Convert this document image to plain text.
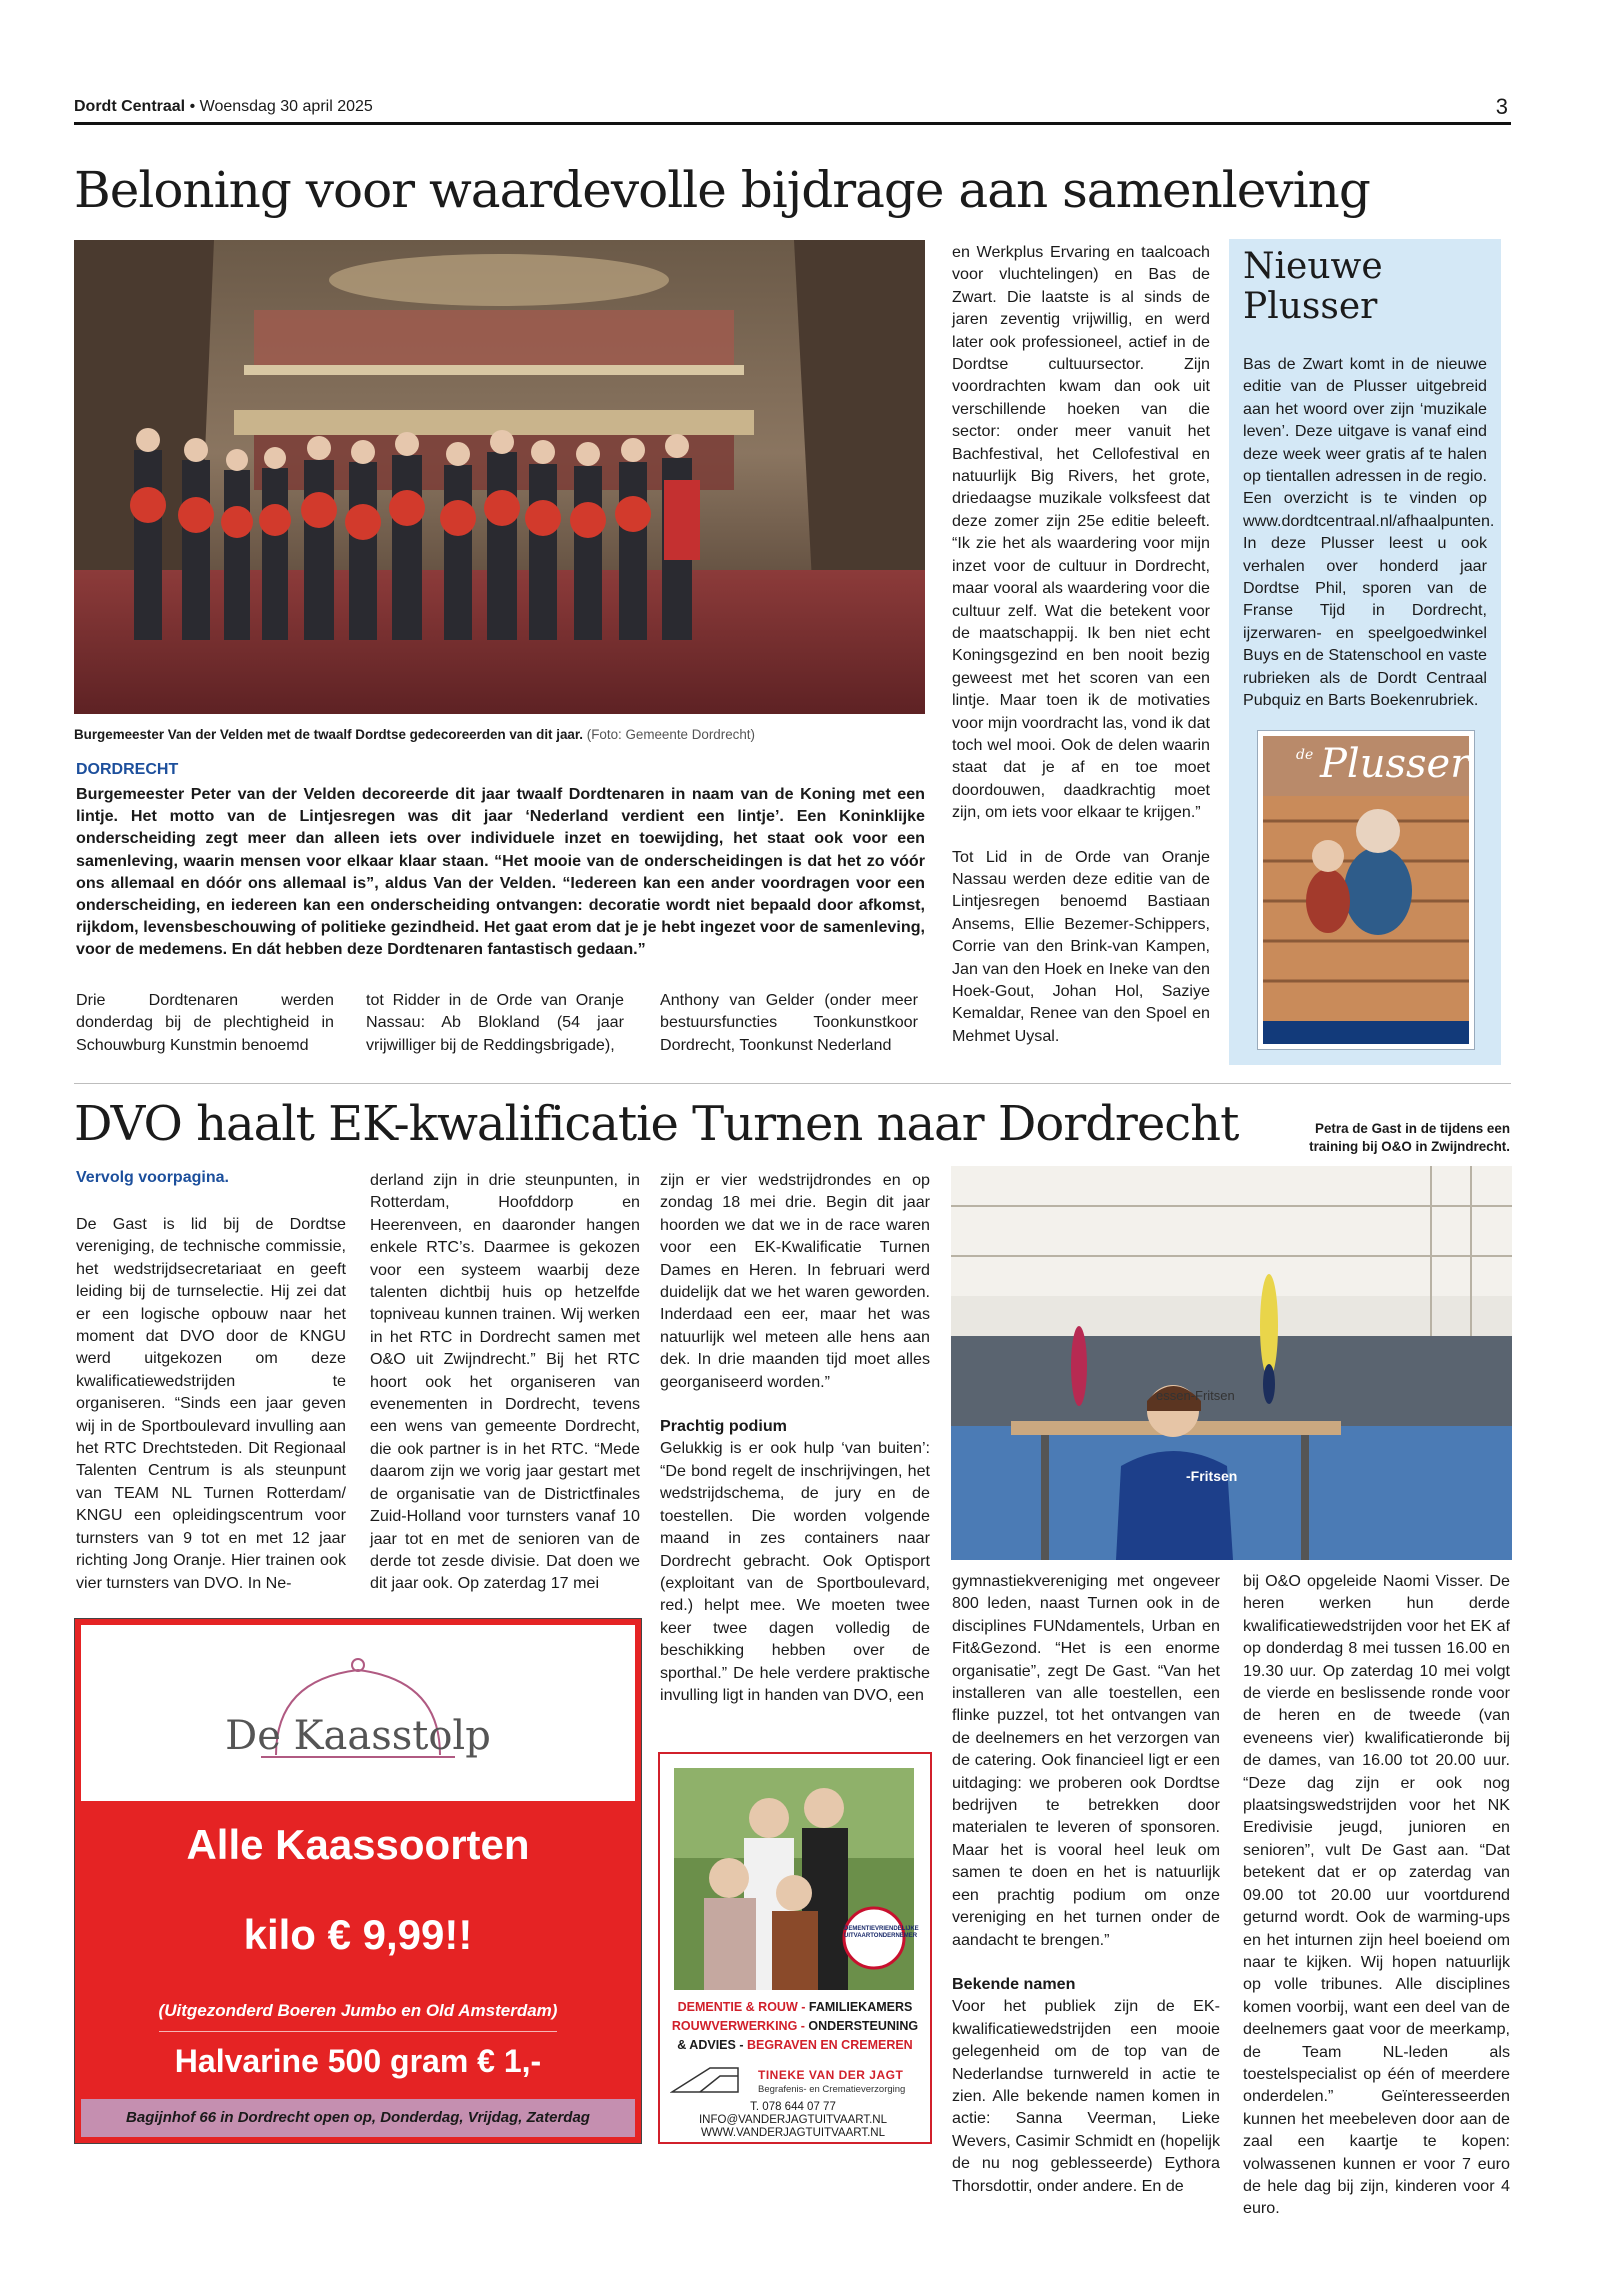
Dordt Centraal • Woensdag 30 april 2025	3
Beloning voor waardevolle bijdrage aan samenleving
Burgemeester Van der Velden met de twaalf Dordtse gedecoreerden van dit jaar. (Foto: Gemeente Dordrecht)
DORDRECHT
Burgemeester Peter van der Velden decoreerde dit jaar twaalf Dordtenaren in naam van de Koning met een lintje. Het motto van de Lintjesregen was dit jaar ‘Nederland verdient een lintje’. Een Koninklijke onderscheiding zegt meer dan alleen iets over individuele inzet en toewijding, het staat ook voor een samenleving, waarin mensen voor elkaar klaar staan. “Het mooie van de onderscheidingen is dat het zo vóór ons allemaal en dóór ons allemaal is”, aldus Van der Velden. “Iedereen kan een ander voordragen voor een onderscheiding, en iedereen kan een onderscheiding ontvangen: decoratie wordt niet bepaald door afkomst, rijkdom, levensbeschouwing of politieke gezindheid. Het gaat erom dat je je hebt ingezet voor de samenleving, voor de medemens. En dát hebben deze Dordtenaren fantastisch gedaan.”

Drie Dordtenaren werden donderdag bij de plechtigheid in Schouwburg Kunstmin benoemd

tot Ridder in de Orde van Oranje Nassau: Ab Blokland (54 jaar vrijwilliger bij de Reddingsbrigade),

Anthony van Gelder (onder meer bestuursfuncties Toonkunstkoor Dordrecht, Toonkunst Nederland

en Werkplus Ervaring en taalcoach voor vluchtelingen) en Bas de Zwart. Die laatste is al sinds de jaren zeventig vrijwillig, en werd later ook professioneel, actief in de Dordtse cultuursector. Zijn voordrachten kwam dan ook uit verschillende hoeken van die sector: onder meer vanuit het Bachfestival, het Cellofestival en natuurlijk Big Rivers, het grote, driedaagse muzikale volksfeest dat deze zomer zijn 25e editie beleeft. “Ik zie het als waardering voor mijn inzet voor de cultuur in Dordrecht, maar vooral als waardering voor die cultuur zelf. Wat die betekent voor de maatschappij. Ik ben niet echt Koningsgezind en ben nooit bezig geweest met het scoren van een lintje. Maar toen ik de motivaties voor mijn voordracht las, vond ik dat toch wel mooi. Ook de delen waarin staat dat je af en toe moet doordouwen, daadkrachtig moet zijn, om iets voor elkaar te krijgen.”

Tot Lid in de Orde van Oranje Nassau werden deze editie van de Lintjesregen benoemd Bastiaan Ansems, Ellie Bezemer-Schippers, Corrie van den Brink-van Kampen, Jan van den Hoek en Ineke van den Hoek-Gout, Johan Hol, Saziye Kemaldar, Renee van den Spoel en Mehmet Uysal.

Nieuwe Plusser
Bas de Zwart komt in de nieuwe editie van de Plusser uitgebreid aan het woord over zijn ‘muzikale leven’. Deze uitgave is vanaf eind deze week weer gratis af te halen op tientallen adressen in de regio. Een overzicht is te vinden op www.dordtcentraal.nl/afhaalpunten. In deze Plusser leest u ook verhalen over honderd jaar Dordtse Phil, sporen van de Franse Tijd in Dordrecht, ijzerwaren- en speelgoedwinkel Buys en de Statenschool en vaste rubrieken als de Dordt Centraal Pubquiz en Barts Boekenrubriek.
Plusser
de
DVO haalt EK-kwalificatie Turnen naar Dordrecht	Petra de Gast in de tijdens een training bij O&O in Zwijndrecht.
essen-Fritsen
-Fritsen
Vervolg voorpagina.

De Gast is lid bij de Dordtse vereniging, de technische commissie, het wedstrijdsecretariaat en geeft leiding bij de turnselectie. Hij zei dat er een logische opbouw naar het moment dat DVO door de KNGU werd uitgekozen om deze kwalificatiewedstrijden te organiseren. “Sinds een jaar geven wij in de Sportboulevard invulling aan het RTC Drechtsteden. Dit Regionaal Talenten Centrum is als steunpunt van TEAM NL Turnen Rotterdam/ KNGU een opleidingscentrum voor turnsters van 9 tot en met 12 jaar richting Jong Oranje. Hier trainen ook vier turnsters van DVO. In Ne-

derland zijn in drie steunpunten, in Rotterdam, Hoofddorp en Heerenveen, en daaronder hangen enkele RTC’s. Daarmee is gekozen voor een systeem waarbij deze talenten dichtbij huis op hetzelfde topniveau kunnen trainen. Wij werken in het RTC in Dordrecht samen met O&O uit Zwijndrecht.” Bij het RTC hoort ook het organiseren van evenementen in Dordrecht, tevens een wens van gemeente Dordrecht, die ook partner is in het RTC. “Mede daarom zijn we vorig jaar gestart met de organisatie van de Districtfinales Zuid-Holland voor turnsters vanaf 10 jaar tot en met de senioren van de derde tot zesde divisie. Dat doen we dit jaar ook. Op zaterdag 17 mei

zijn er vier wedstrijdrondes en op zondag 18 mei drie. Begin dit jaar hoorden we dat we in de race waren voor een EK-Kwalificatie Turnen Dames en Heren. In februari werd duidelijk dat we het waren geworden. Inderdaad een eer, maar het was natuurlijk wel meteen alle hens aan dek. In drie maanden tijd moet alles georganiseerd worden.”

Prachtig podium

Gelukkig is er ook hulp ‘van buiten’: “De bond regelt de inschrijvingen, het wedstrijdschema, de jury en de toestellen. Die worden volgende maand in zes containers naar Dordrecht gebracht. Ook Optisport (exploitant van de Sportboulevard, red.) helpt mee. We moeten twee keer twee dagen volledig de beschikking hebben over de sporthal.” De hele verdere praktische invulling ligt in handen van DVO, een

gymnastiekvereniging met ongeveer 800 leden, naast Turnen ook in de disciplines FUNdamentels, Urban en Fit&Gezond. “Het is een enorme organisatie”, zegt De Gast. “Van het installeren van alle toestellen, een flinke puzzel, tot het ontvangen van de deelnemers en het verzorgen van de catering. Ook financieel ligt er een uitdaging: we proberen ook Dordtse bedrijven te betrekken door materialen te leveren of sponsoren. Maar het is vooral heel leuk om samen te doen en het is natuurlijk een prachtig podium om onze vereniging en het turnen onder de aandacht te brengen.”

Bekende namen

Voor het publiek zijn de EK-kwalificatiewedstrijden een mooie gelegenheid om de top van de Nederlandse turnwereld in actie te zien. Alle bekende namen komen in actie: Sanna Veerman, Lieke Wevers, Casimir Schmidt en (hopelijk de nu nog geblesseerde) Eythora Thorsdottir, onder andere. En de

bij O&O opgeleide Naomi Visser. De heren werken hun derde kwalificatiewedstrijden voor het EK af op donderdag 8 mei tussen 16.00 en 19.30 uur. Op zaterdag 10 mei volgt de vierde en beslissende ronde voor de heren en de tweede (van eveneens vier) kwalificatieronde bij de dames, van 16.00 tot 20.00 uur. “Deze dag zijn er ook nog plaatsingswedstrijden voor het NK Eredivisie jeugd, junioren en senioren”, vult De Gast aan. “Dat betekent dat er op zaterdag van 09.00 tot 20.00 uur voortdurend geturnd wordt. Ook de warming-ups en het inturnen zijn heel boeiend om naar te kijken. Wij hopen natuurlijk op volle tribunes. Alle disciplines komen voorbij, want een deel van de deelnemers gaat voor de meerkamp, de Team NL-leden als toestelspecialist op één of meerdere onderdelen.” Geïnteresseerden kunnen het meebeleven door aan de zaal een kaartje te kopen: volwassenen kunnen er voor 7 euro de hele dag bij zijn, kinderen voor 4 euro.

De Kaasstolp
Alle Kaassoorten
kilo € 9,99!!
(Uitgezonderd Boeren Jumbo en Old Amsterdam)
Halvarine 500 gram € 1,-
Bagijnhof 66 in Dordrecht open op, Donderdag, Vrijdag, Zaterdag
DEMENTIEVRIENDELIJKE UITVAARTONDERNEMER
DEMENTIE & ROUW - FAMILIEKAMERS
ROUWVERWERKING - ONDERSTEUNING
& ADVIES - BEGRAVEN EN CREMEREN
TINEKE VAN DER JAGT
Begrafenis- en Crematieverzorging
T. 078 644 07 77
INFO@VANDERJAGTUITVAART.NL
WWW.VANDERJAGTUITVAART.NL
